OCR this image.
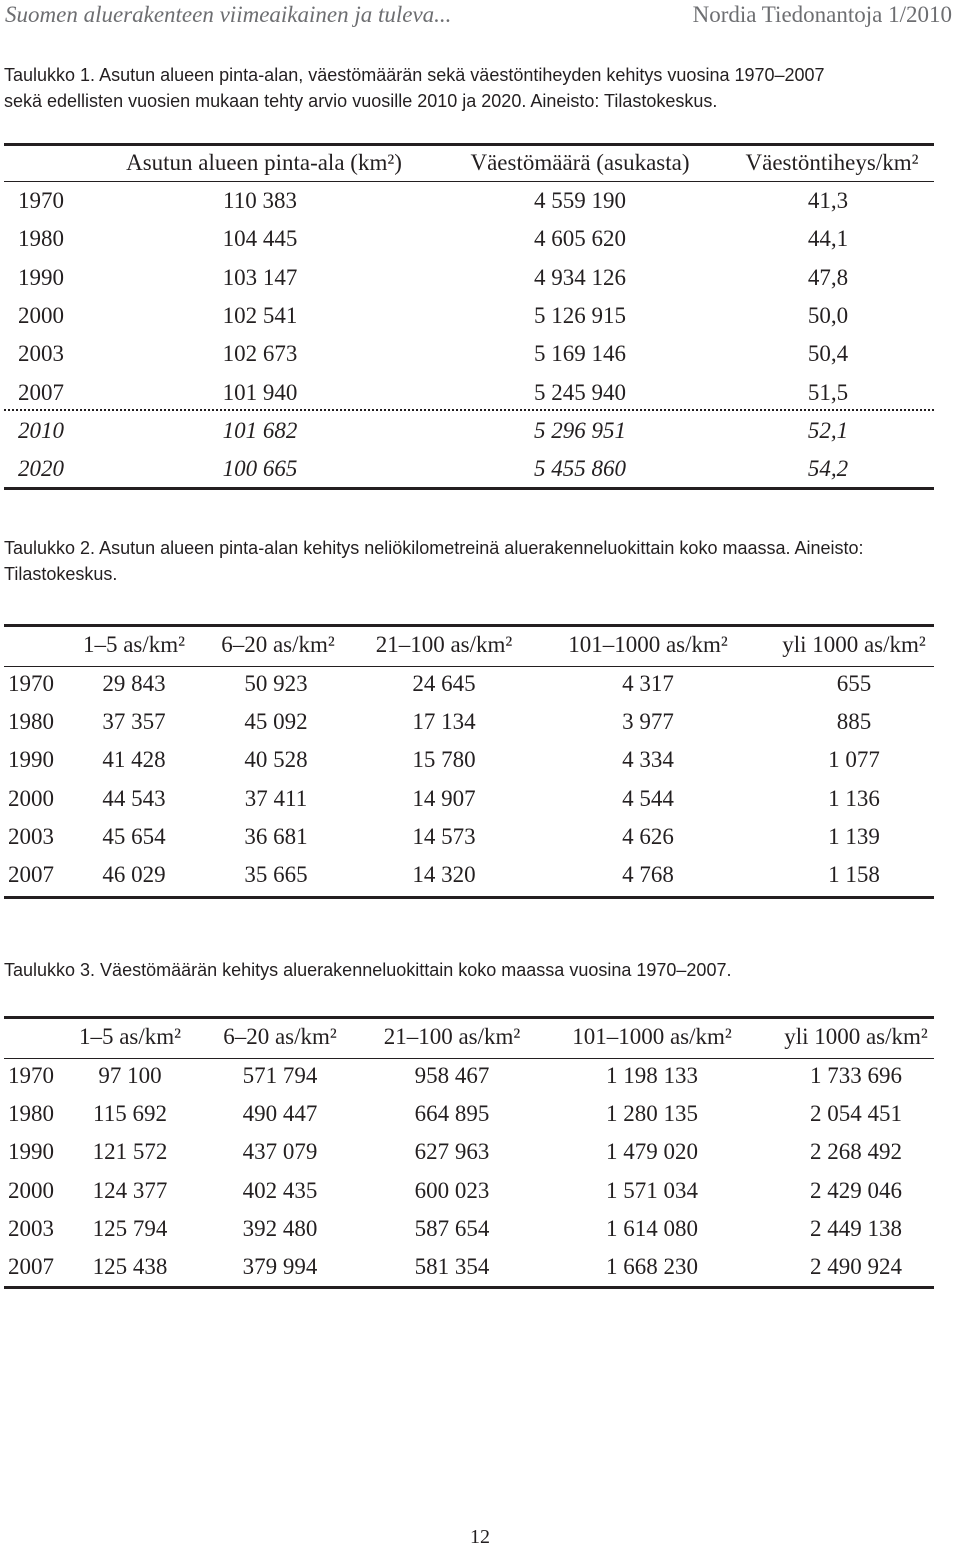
Suomen aluerakenteen viimeaikainen ja tuleva...	Nordia Tiedonantoja 1/2010
Taulukko 1. Asutun alueen pinta-alan, väestömäärän sekä väestöntiheyden kehitys vuosina 1970–2007
sekä edellisten vuosien mukaan tehty arvio vuosille 2010 ja 2020. Aineisto: Tilastokeskus.
Asutun alueen pinta-ala (km²)	Väestömäärä (asukasta) Väestöntiheys/km²
1970	110 383	4 559 190	41,3
1980	104 445	4 605 620	44,1
1990	103 147	4 934 126	47,8
2000	102 541	5 126 915	50,0
2003	102 673	5 169 146	50,4
2007	101 940	5 245 940	51,5
2010	101 682	5 296 951	52,1
2020	100 665	5 455 860	54,2
Taulukko 2. Asutun alueen pinta-alan kehitys neliökilometreinä aluerakenneluokittain koko maassa. Aineisto:
Tilastokeskus.
1–5 as/km² 6–20 as/km² 21–100 as/km² 101–1000 as/km² yli 1000 as/km²
1970 29 843	50 923	24 645	4 317	655
1980 37 357	45 092	17 134	3 977	885
1990 41 428	40 528	15 780	4 334	1 077
2000 44 543	37 411	14 907	4 544	1 136
2003 45 654	36 681	14 573	4 626	1 139
2007 46 029	35 665	14 320	4 768	1 158
Taulukko 3. Väestömäärän kehitys aluerakenneluokittain koko maassa vuosina 1970–2007.
1–5 as/km² 6–20 as/km² 21–100 as/km² 101–1000 as/km² yli 1000 as/km²
1970 97 100	571 794	958 467	1 198 133	1 733 696
1980 115 692	490 447	664 895	1 280 135	2 054 451
1990 121 572	437 079	627 963	1 479 020	2 268 492
2000 124 377	402 435	600 023	1 571 034	2 429 046
2003 125 794	392 480	587 654	1 614 080	2 449 138
2007 125 438	379 994	581 354	1 668 230	2 490 924
12
